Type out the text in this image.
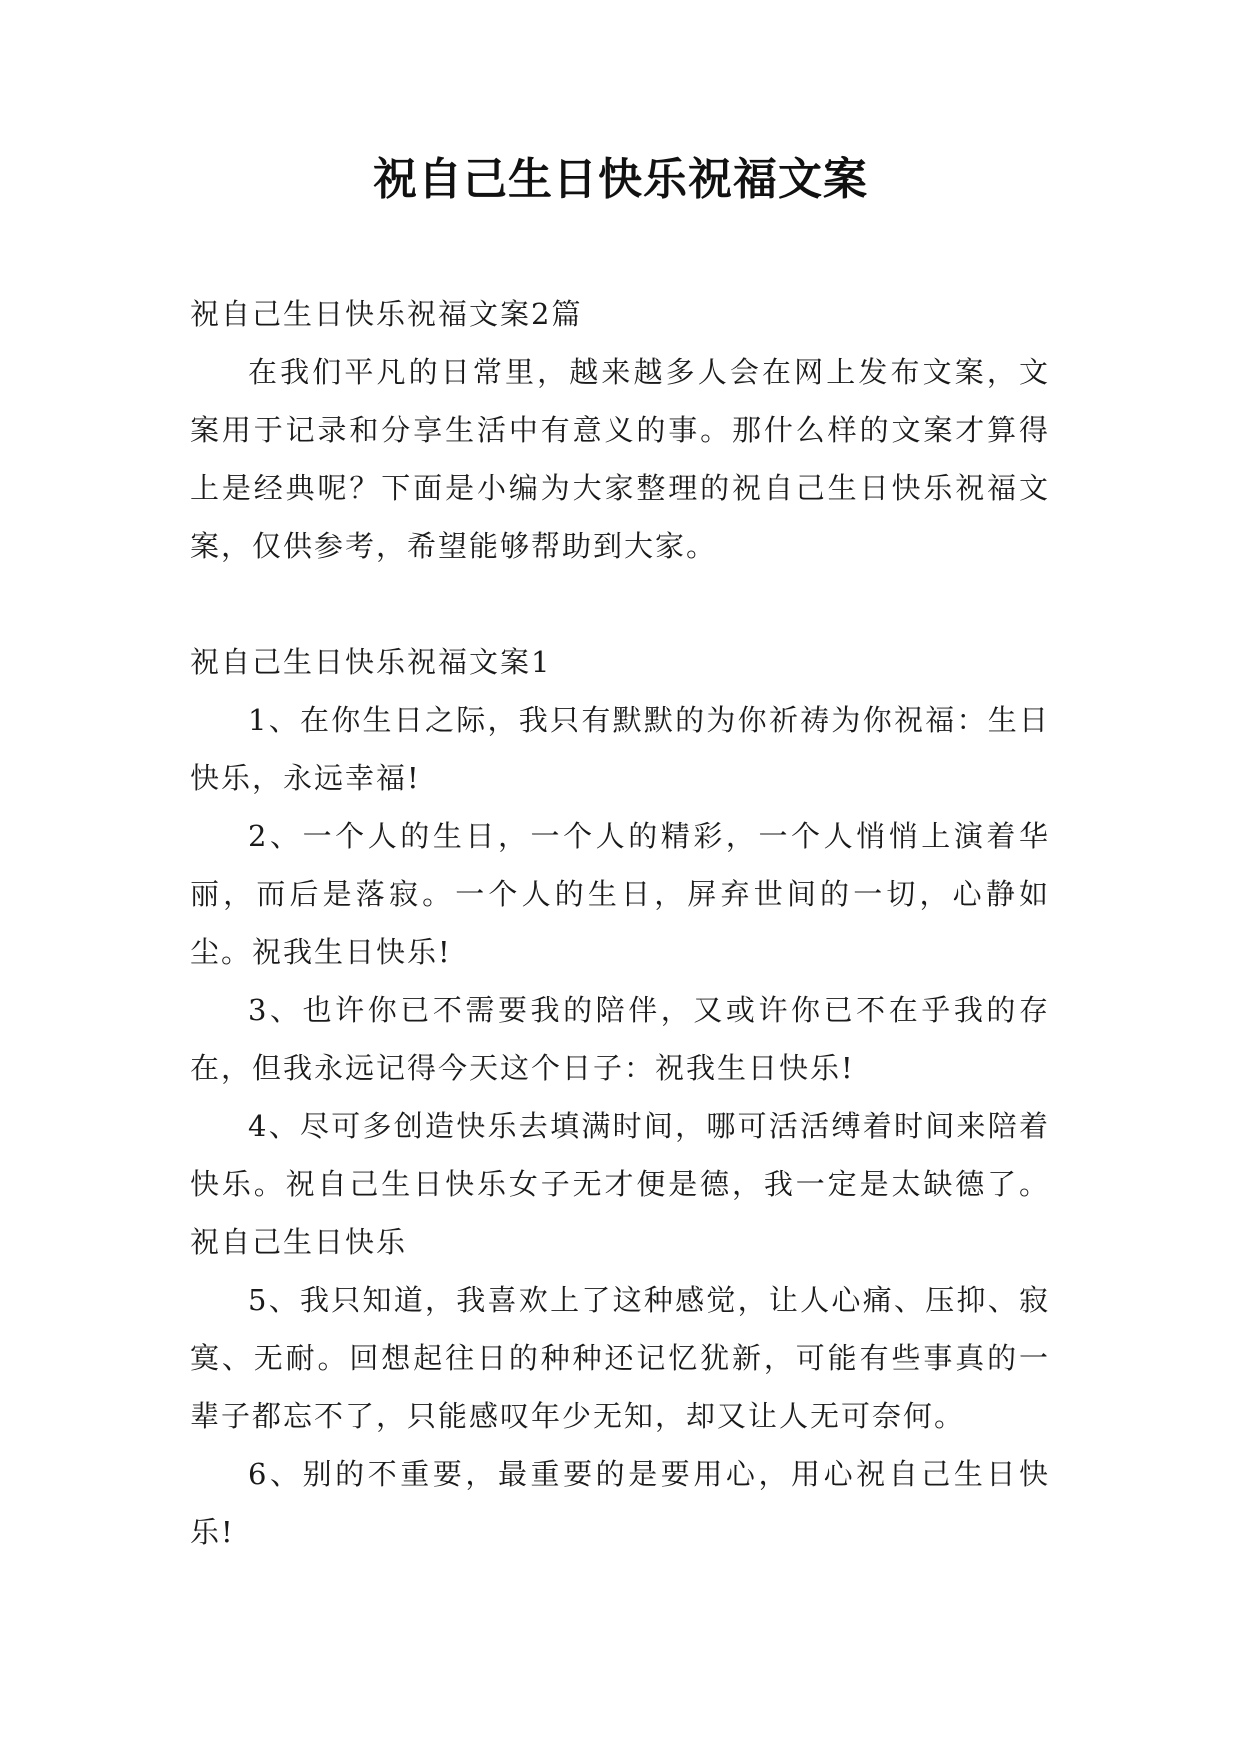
祝自己生日快乐祝福文案

祝自己生日快乐祝福文案2篇

在我们平凡的日常里，越来越多人会在网上发布文案，文案用于记录和分享生活中有意义的事。那什么样的文案才算得上是经典呢？下面是小编为大家整理的祝自己生日快乐祝福文案，仅供参考，希望能够帮助到大家。

祝自己生日快乐祝福文案1

1、在你生日之际，我只有默默的为你祈祷为你祝福：生日快乐，永远幸福!

2、一个人的生日，一个人的精彩，一个人悄悄上演着华丽，而后是落寂。一个人的生日，屏弃世间的一切，心静如尘。祝我生日快乐!

3、也许你已不需要我的陪伴，又或许你已不在乎我的存在，但我永远记得今天这个日子：祝我生日快乐!

4、尽可多创造快乐去填满时间，哪可活活缚着时间来陪着快乐。祝自己生日快乐女子无才便是德，我一定是太缺德了。祝自己生日快乐

5、我只知道，我喜欢上了这种感觉，让人心痛、压抑、寂寞、无耐。回想起往日的种种还记忆犹新，可能有些事真的一辈子都忘不了，只能感叹年少无知，却又让人无可奈何。

6、别的不重要，最重要的是要用心，用心祝自己生日快乐!
